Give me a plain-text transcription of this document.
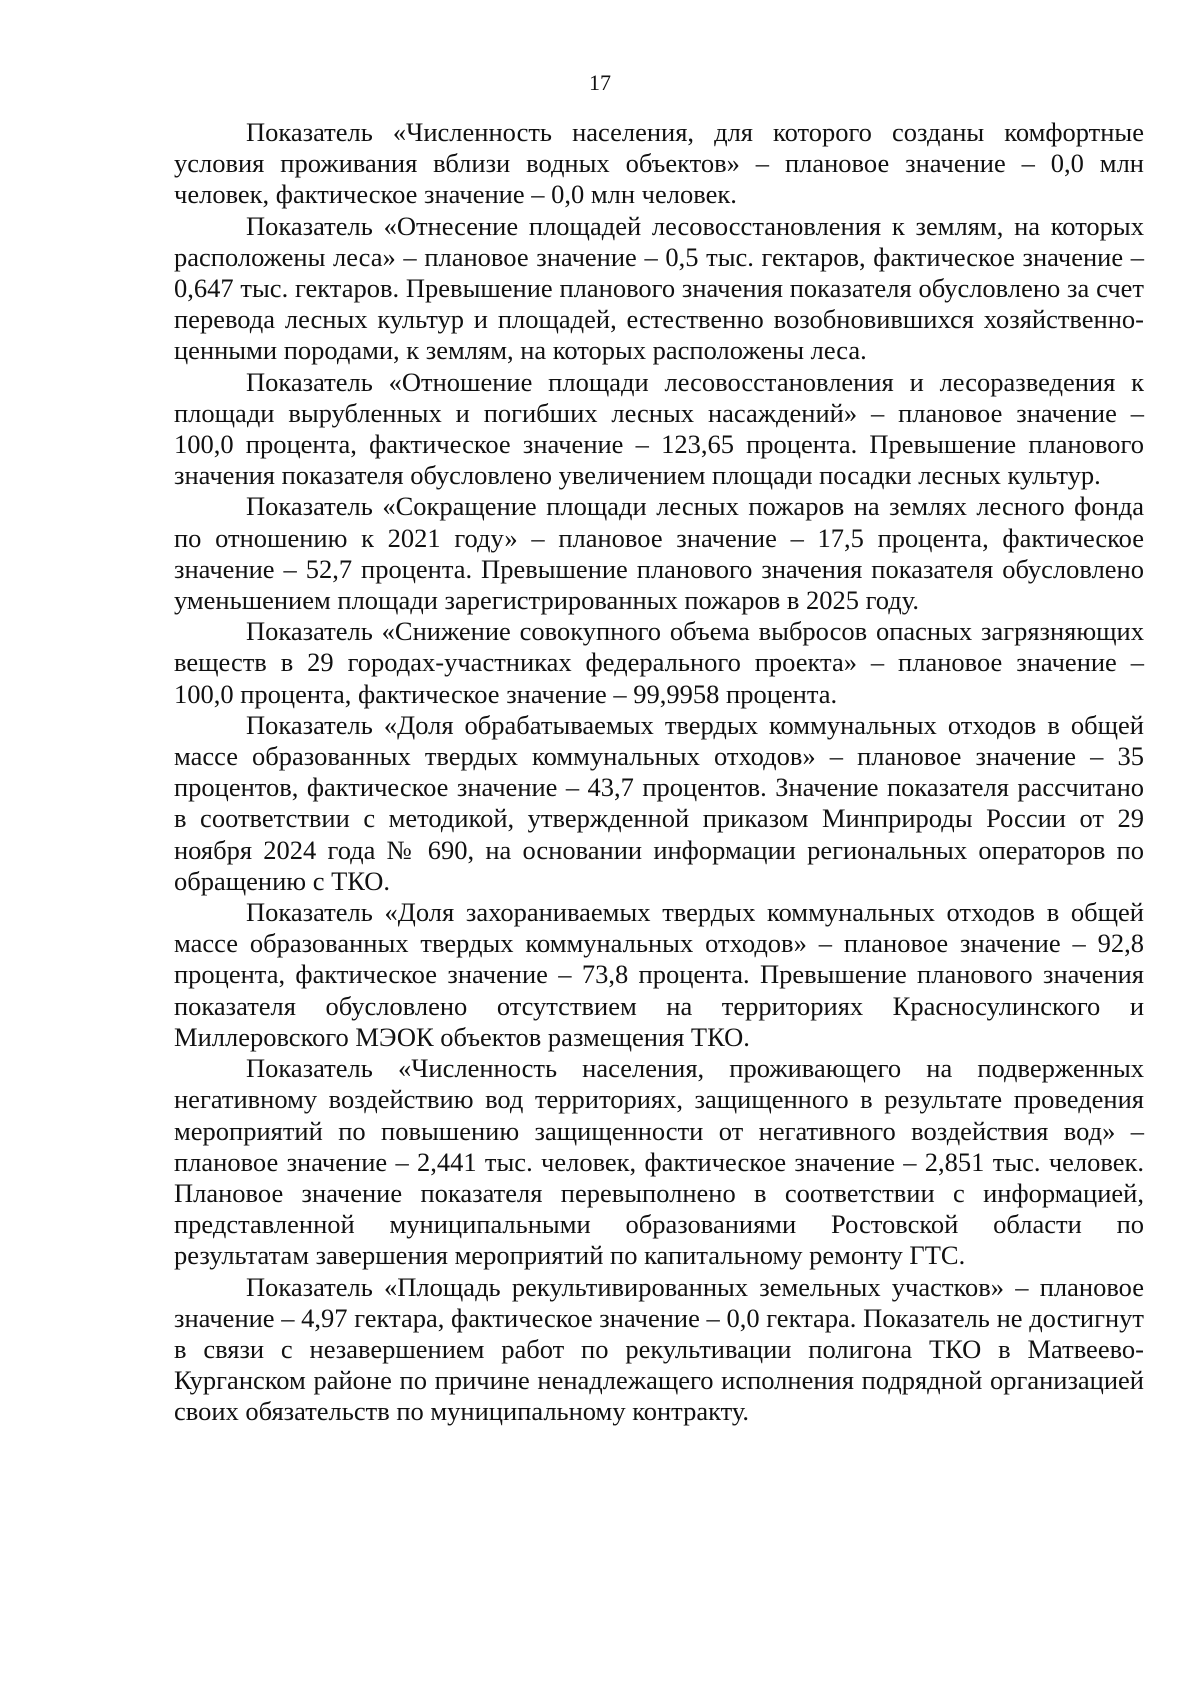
17

Показатель «Численность населения, для которого созданы комфортные условия проживания вблизи водных объектов» – плановое значение – 0,0 млн человек, фактическое значение – 0,0 млн человек.

Показатель «Отнесение площадей лесовосстановления к землям, на которых расположены леса» – плановое значение – 0,5 тыс. гектаров, фактическое значение – 0,647 тыс. гектаров. Превышение планового значения показателя обусловлено за счет перевода лесных культур и площадей, естественно возобновившихся хозяйственно-ценными породами, к землям, на которых расположены леса.

Показатель «Отношение площади лесовосстановления и лесоразведения к площади вырубленных и погибших лесных насаждений» – плановое значение – 100,0 процента, фактическое значение – 123,65 процента. Превышение планового значения показателя обусловлено увеличением площади посадки лесных культур.

Показатель «Сокращение площади лесных пожаров на землях лесного фонда по отношению к 2021 году» – плановое значение – 17,5 процента, фактическое значение – 52,7 процента. Превышение планового значения показателя обусловлено уменьшением площади зарегистрированных пожаров в 2025 году.

Показатель «Снижение совокупного объема выбросов опасных загрязняющих веществ в 29 городах-участниках федерального проекта» – плановое значение – 100,0 процента, фактическое значение – 99,9958 процента.

Показатель «Доля обрабатываемых твердых коммунальных отходов в общей массе образованных твердых коммунальных отходов» – плановое значение – 35 процентов, фактическое значение – 43,7 процентов. Значение показателя рассчитано в соответствии с методикой, утвержденной приказом Минприроды России от 29 ноября 2024 года № 690, на основании информации региональных операторов по обращению с ТКО.

Показатель «Доля захораниваемых твердых коммунальных отходов в общей массе образованных твердых коммунальных отходов» – плановое значение – 92,8 процента, фактическое значение – 73,8 процента. Превышение планового значения показателя обусловлено отсутствием на территориях Красносулинского и Миллеровского МЭОК объектов размещения ТКО.

Показатель «Численность населения, проживающего на подверженных негативному воздействию вод территориях, защищенного в результате проведения мероприятий по повышению защищенности от негативного воздействия вод» – плановое значение – 2,441 тыс. человек, фактическое значение – 2,851 тыс. человек. Плановое значение показателя перевыполнено в соответствии с информацией, представленной муниципальными образованиями Ростовской области по результатам завершения мероприятий по капитальному ремонту ГТС.

Показатель «Площадь рекультивированных земельных участков» – плановое значение – 4,97 гектара, фактическое значение – 0,0 гектара. Показатель не достигнут в связи с незавершением работ по рекультивации полигона ТКО в Матвеево-Курганском районе по причине ненадлежащего исполнения подрядной организацией своих обязательств по муниципальному контракту.
